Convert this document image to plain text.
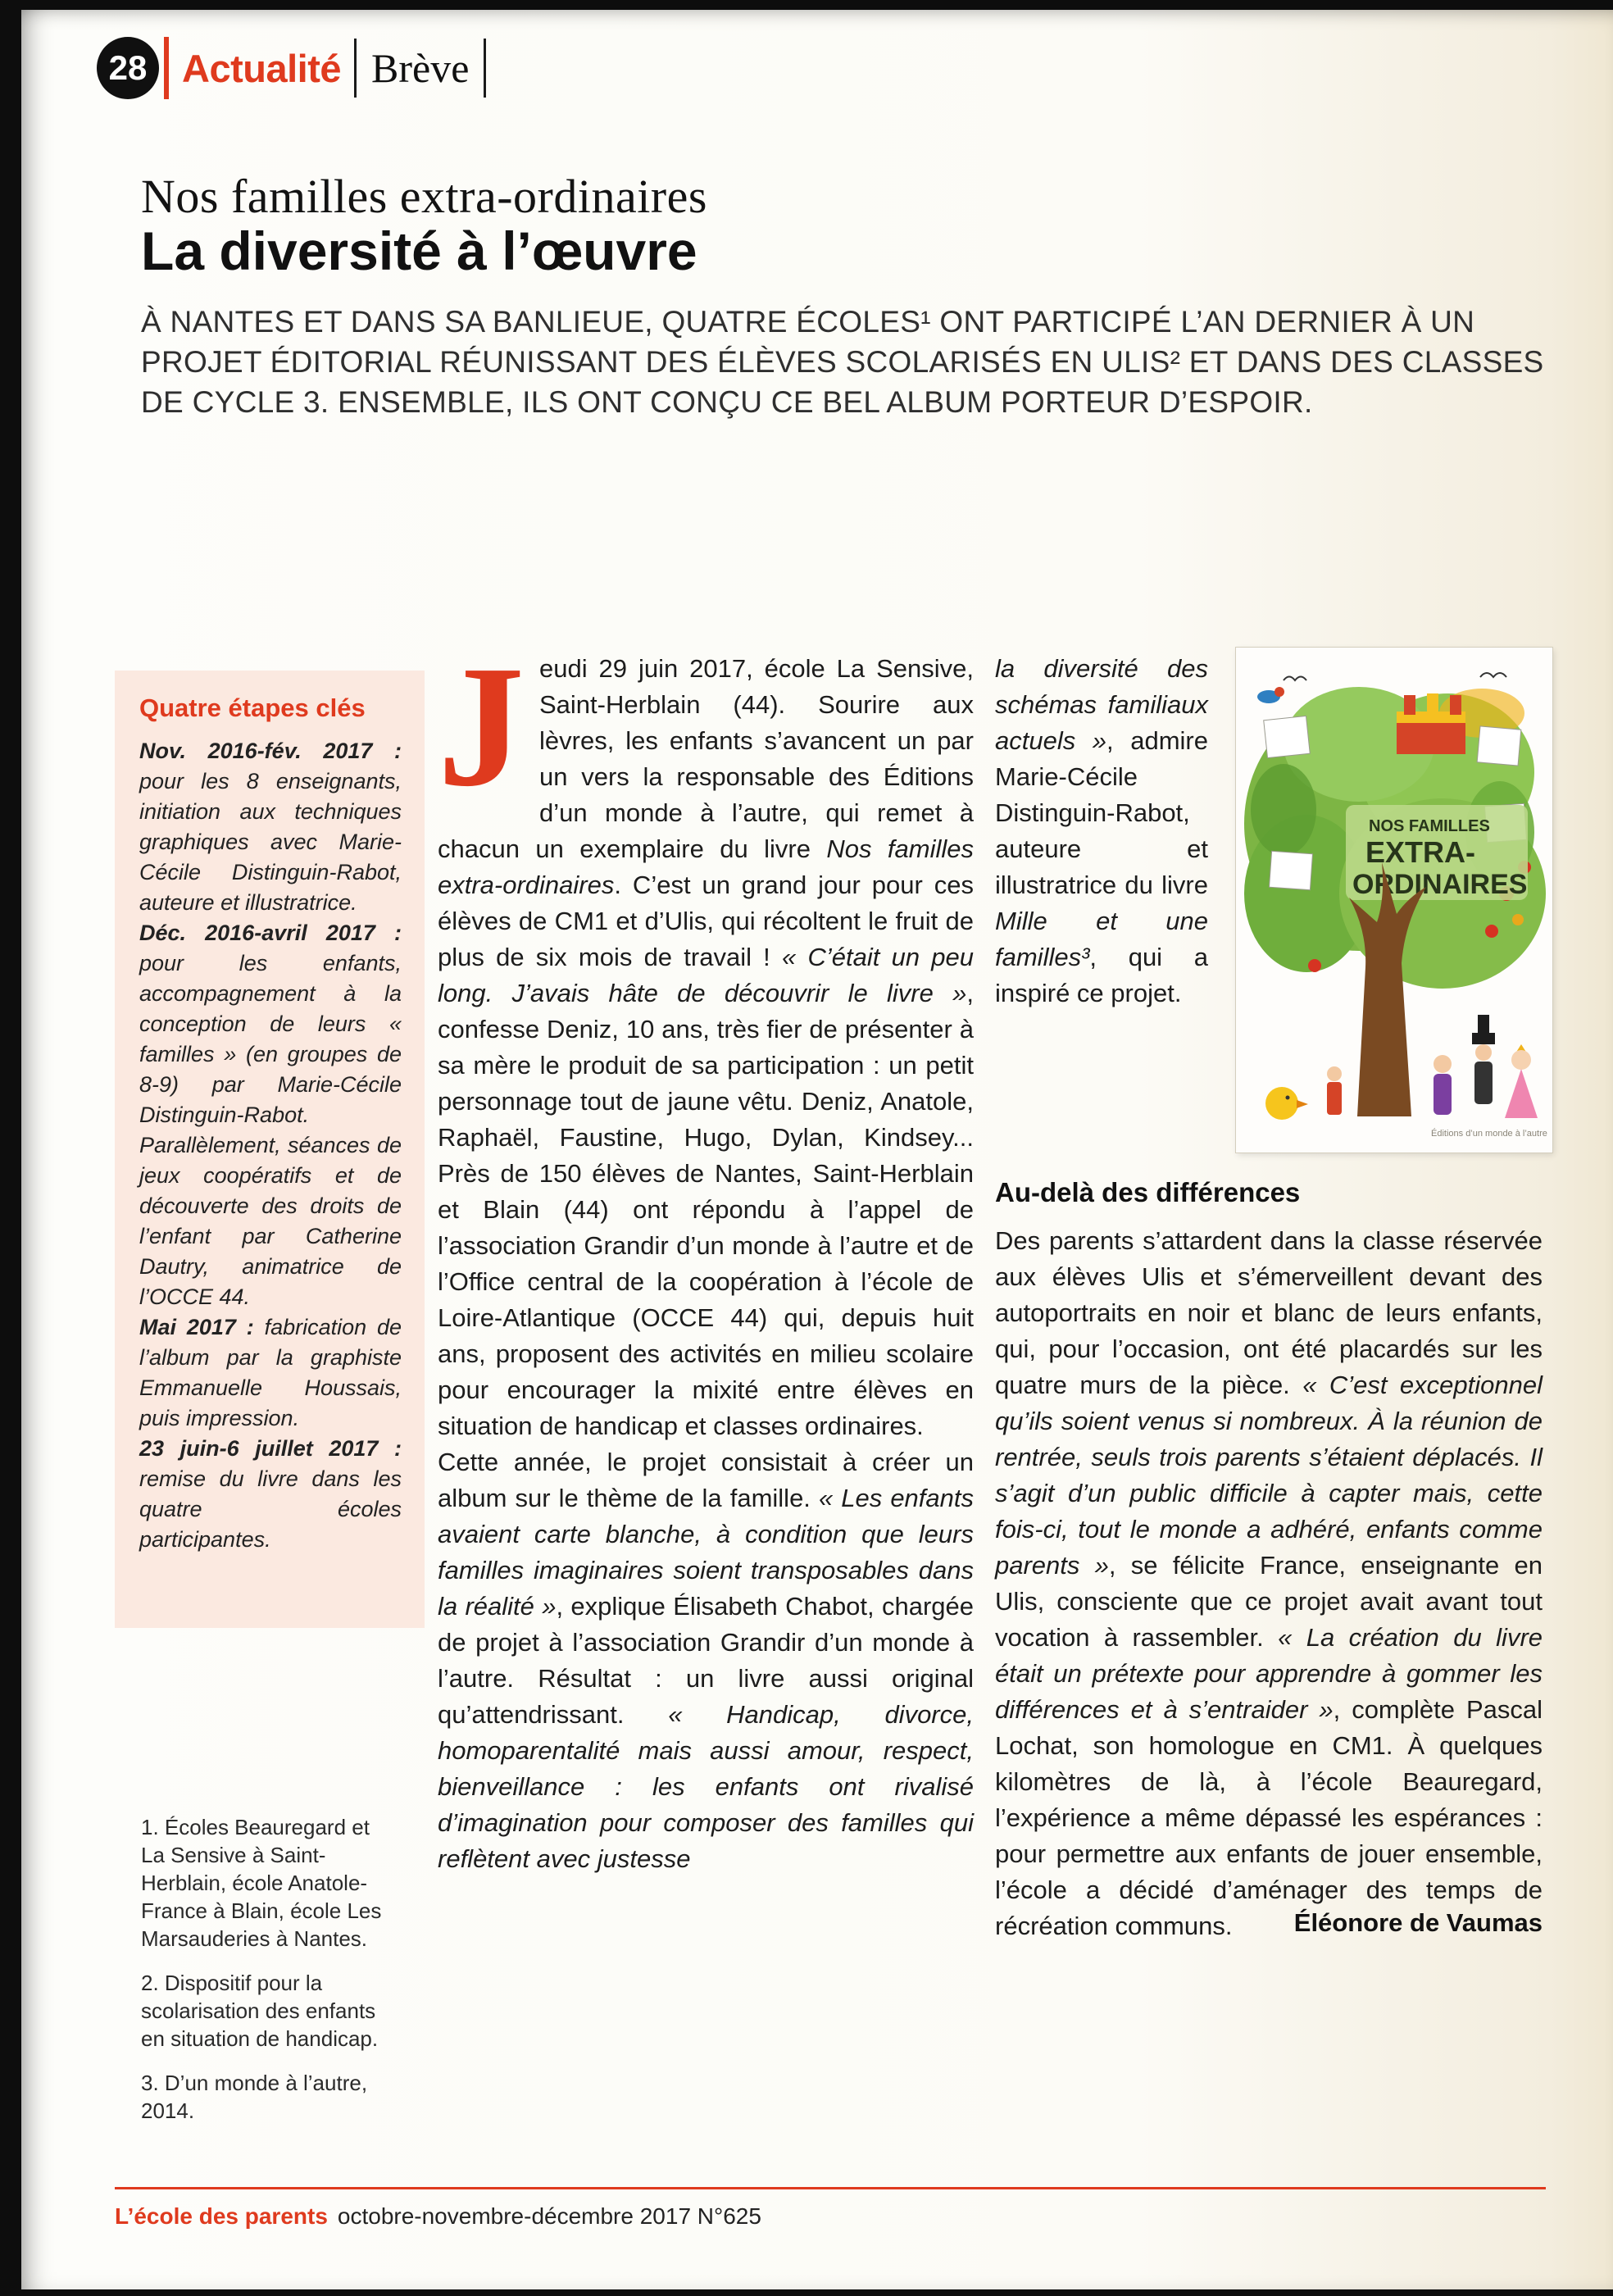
28 Actualité Brève
Nos familles extra-ordinaires
La diversité à l’œuvre

À NANTES ET DANS SA BANLIEUE, QUATRE ÉCOLES¹ ONT PARTICIPÉ L’AN DERNIER À UN PROJET ÉDITORIAL RÉUNISSANT DES ÉLÈVES SCOLARISÉS EN ULIS² ET DANS DES CLASSES DE CYCLE 3. ENSEMBLE, ILS ONT CONÇU CE BEL ALBUM PORTEUR D’ESPOIR.

Quatre étapes clés

Nov. 2016-fév. 2017 : pour les 8 enseignants, initiation aux techniques graphiques avec Marie-Cécile Distinguin-Rabot, auteure et illustratrice.

Déc. 2016-avril 2017 : pour les enfants, accompagnement à la conception de leurs « familles » (en groupes de 8-9) par Marie-Cécile Distinguin-Rabot. Parallèlement, séances de jeux coopératifs et de découverte des droits de l’enfant par Catherine Dautry, animatrice de l’OCCE 44.

Mai 2017 : fabrication de l’album par la graphiste Emmanuelle Houssais, puis impression.

23 juin-6 juillet 2017 : remise du livre dans les quatre écoles participantes.

1. Écoles Beauregard et La Sensive à Saint-Herblain, école Anatole-France à Blain, école Les Marsauderies à Nantes.

2. Dispositif pour la scolarisation des enfants en situation de handicap.

3. D’un monde à l’autre, 2014.

Jeudi 29 juin 2017, école La Sensive, Saint-Herblain (44). Sourire aux lèvres, les enfants s’avancent un par un vers la responsable des Éditions d’un monde à l’autre, qui remet à chacun un exemplaire du livre Nos familles extra-ordinaires. C’est un grand jour pour ces élèves de CM1 et d’Ulis, qui récoltent le fruit de plus de six mois de travail ! « C’était un peu long. J’avais hâte de découvrir le livre », confesse Deniz, 10 ans, très fier de présenter à sa mère le produit de sa participation : un petit personnage tout de jaune vêtu. Deniz, Anatole, Raphaël, Faustine, Hugo, Dylan, Kindsey... Près de 150 élèves de Nantes, Saint-Herblain et Blain (44) ont répondu à l’appel de l’association Grandir d’un monde à l’autre et de l’Office central de la coopération à l’école de Loire-Atlantique (OCCE 44) qui, depuis huit ans, proposent des activités en milieu scolaire pour encourager la mixité entre élèves en situation de handicap et classes ordinaires.

Cette année, le projet consistait à créer un album sur le thème de la famille. « Les enfants avaient carte blanche, à condition que leurs familles imaginaires soient transposables dans la réalité », explique Élisabeth Chabot, chargée de projet à l’association Grandir d’un monde à l’autre. Résultat : un livre aussi original qu’attendrissant. « Handicap, divorce, homoparentalité mais aussi amour, respect, bienveillance : les enfants ont rivalisé d’imagination pour composer des familles qui reflètent avec justesse

la diversité des schémas familiaux actuels », admire Marie-Cécile Distinguin-Rabot, auteure et illustratrice du livre Mille et une familles³, qui a inspiré ce projet.

NOS FAMILLES
EXTRA-
ORDINAIRES
Éditions d’un monde à l’autre
Au-delà des différences

Des parents s’attardent dans la classe réservée aux élèves Ulis et s’émerveillent devant des autoportraits en noir et blanc de leurs enfants, qui, pour l’occasion, ont été placardés sur les quatre murs de la pièce. « C’est exceptionnel qu’ils soient venus si nombreux. À la réunion de rentrée, seuls trois parents s’étaient déplacés. Il s’agit d’un public difficile à capter mais, cette fois-ci, tout le monde a adhéré, enfants comme parents », se félicite France, enseignante en Ulis, consciente que ce projet avait avant tout vocation à rassembler. « La création du livre était un prétexte pour apprendre à gommer les différences et à s’entraider », complète Pascal Lochat, son homologue en CM1. À quelques kilomètres de là, à l’école Beauregard, l’expérience a même dépassé les espérances : pour permettre aux enfants de jouer ensemble, l’école a décidé d’aménager des temps de récréation communs.	Éléonore de Vaumas

L’école des parents octobre-novembre-décembre 2017 N°625
